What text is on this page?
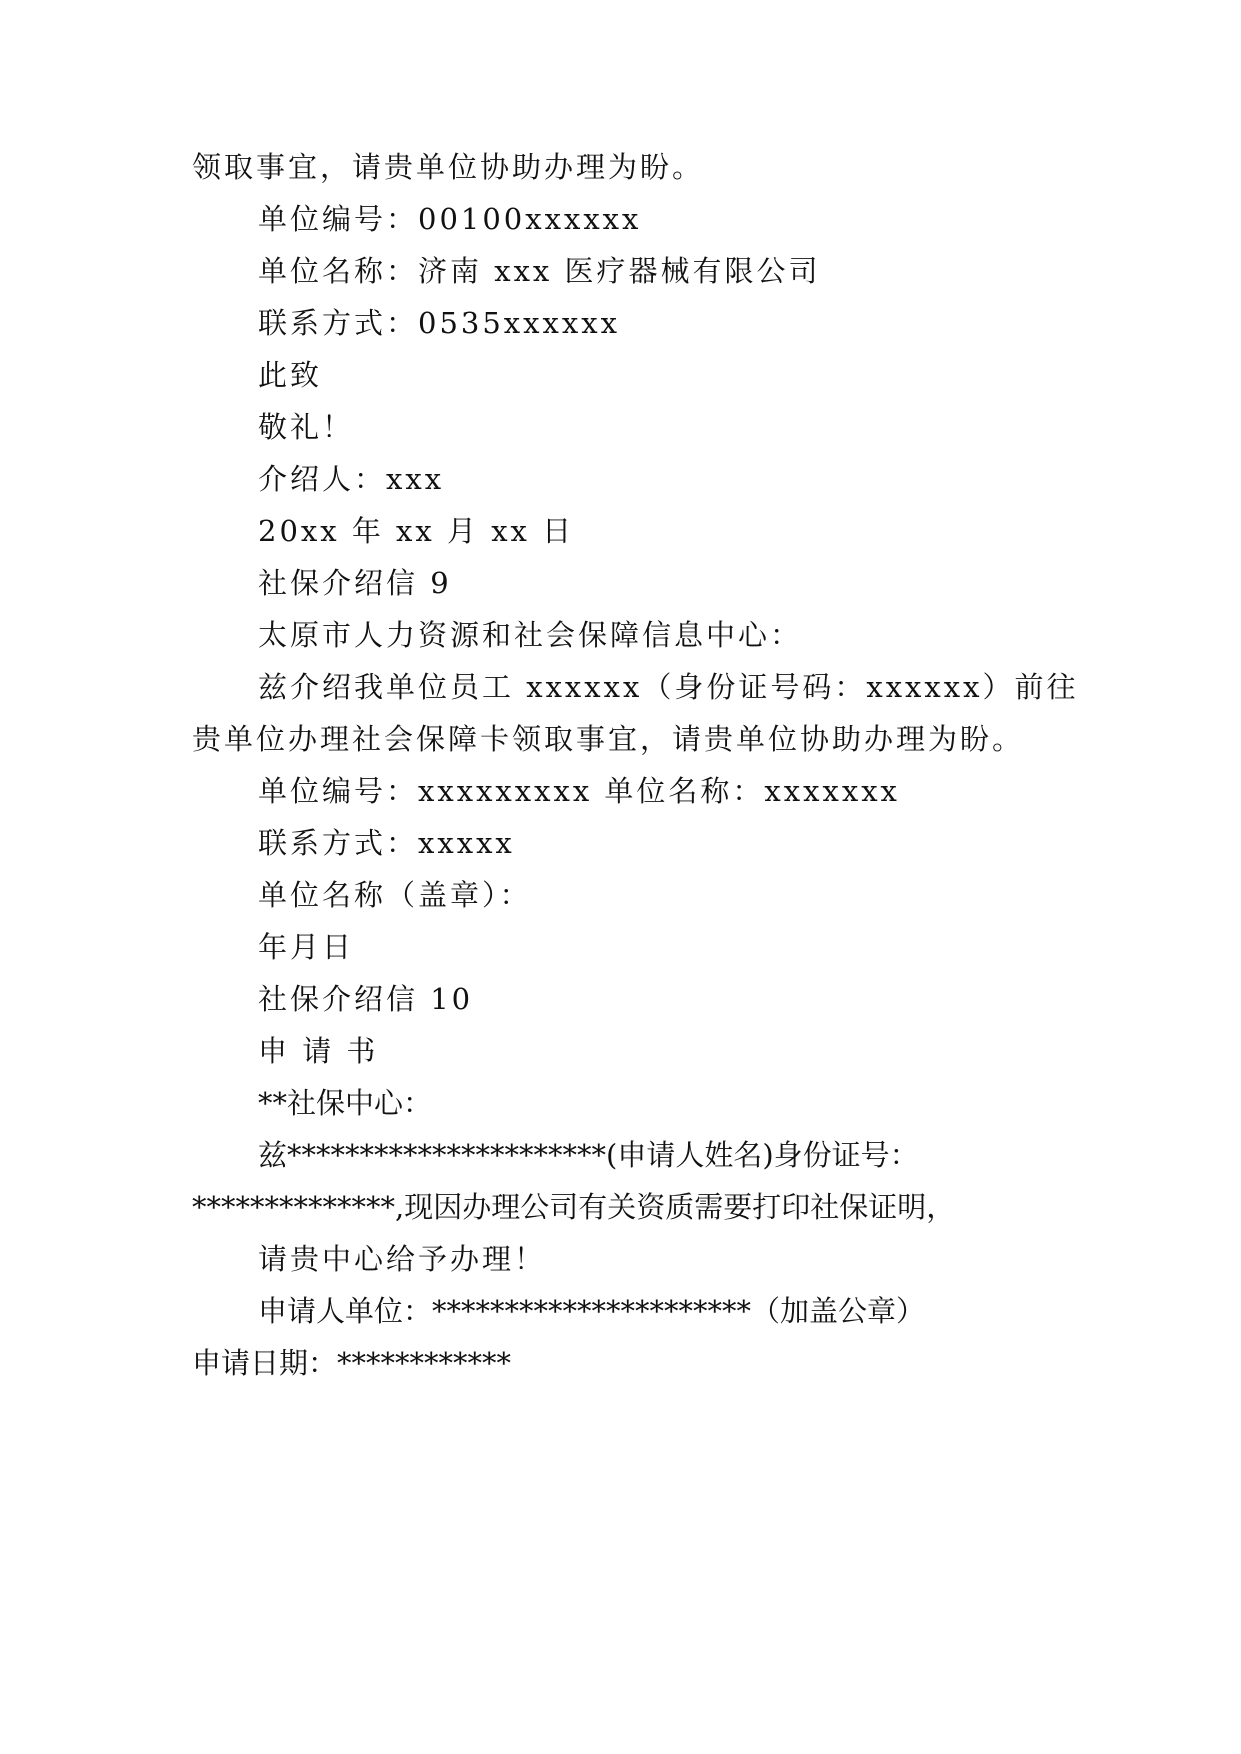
领取事宜，请贵单位协助办理为盼。
单位编号：00100xxxxxx
单位名称：济南 xxx 医疗器械有限公司
联系方式：0535xxxxxx
此致
敬礼！
介绍人：xxx
20xx 年 xx 月 xx 日
社保介绍信 9
太原市人力资源和社会保障信息中心：
兹介绍我单位员工 xxxxxx（身份证号码：xxxxxx）前往
贵单位办理社会保障卡领取事宜，请贵单位协助办理为盼。
单位编号：xxxxxxxxx 单位名称：xxxxxxx
联系方式：xxxxx
单位名称（盖章）：
年月日
社保介绍信 10
申 请 书
**社保中心：
兹**********************(申请人姓名)身份证号：
**************,现因办理公司有关资质需要打印社保证明，
请贵中心给予办理！
申请人单位：**********************（加盖公章）
申请日期：************
